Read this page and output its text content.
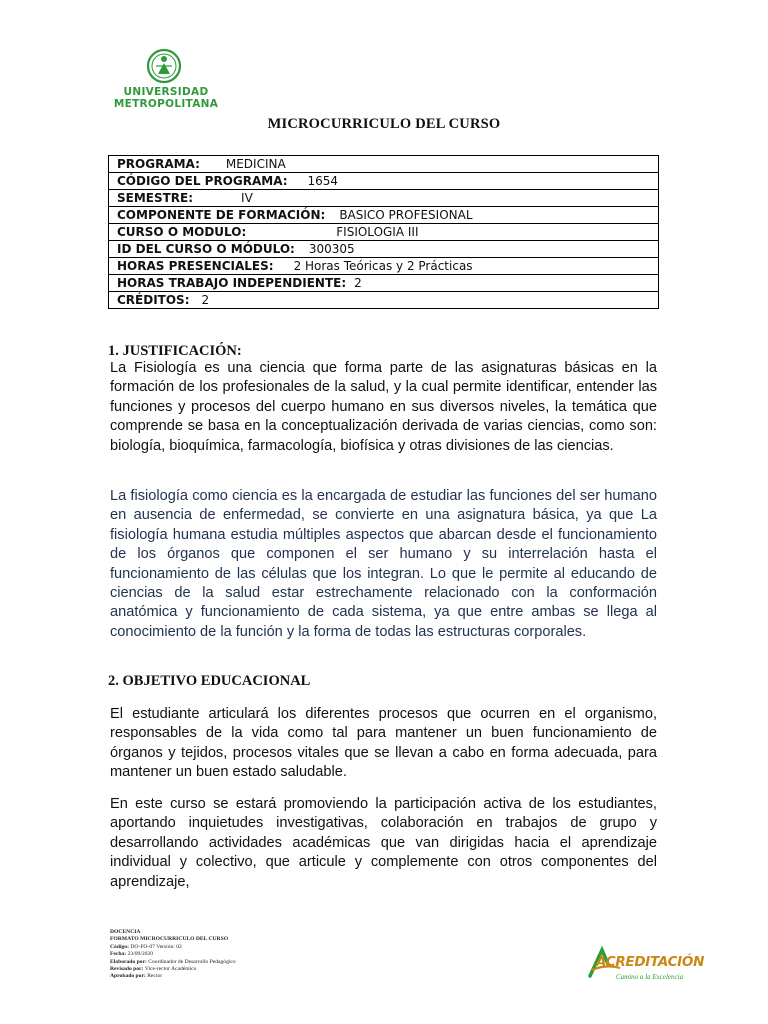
UNIVERSIDAD
METROPOLITANA
MICROCURRICULO DEL CURSO
PROGRAMA: MEDICINA
CÓDIGO DEL PROGRAMA: 1654
SEMESTRE:	IV
COMPONENTE DE FORMACIÓN: BASICO PROFESIONAL
CURSO O MODULO:	FISIOLOGIA III
ID DEL CURSO O MÓDULO: 300305
HORAS PRESENCIALES: 2 Horas Teóricas y 2 Prácticas
HORAS TRABAJO INDEPENDIENTE: 2
CRÉDITOS: 2
1. JUSTIFICACIÓN:

La Fisiología es una ciencia que forma parte de las asignaturas básicas en la formación de los profesionales de la salud, y la cual permite identificar, entender las funciones y procesos del cuerpo humano en sus diversos niveles, la temática que comprende se basa en la conceptualización derivada de varias ciencias, como son: biología, bioquímica, farmacología, biofísica y otras divisiones de las ciencias.

La fisiología como ciencia es la encargada de estudiar las funciones del ser humano en ausencia de enfermedad, se convierte en una asignatura básica, ya que La fisiología humana estudia múltiples aspectos que abarcan desde el funcionamiento de los órganos que componen el ser humano y su interrelación hasta el funcionamiento de las células que los integran. Lo que le permite al educando de ciencias de la salud estar estrechamente relacionado con la conformación anatómica y funcionamiento de cada sistema, ya que entre ambas se llega al conocimiento de la función y la forma de todas las estructuras corporales.

2. OBJETIVO EDUCACIONAL

El estudiante articulará los diferentes procesos que ocurren en el organismo, responsables de la vida como tal para mantener un buen funcionamiento de órganos y tejidos, procesos vitales que se llevan a cabo en forma adecuada, para mantener un buen estado saludable.

En este curso se estará promoviendo la participación activa de los estudiantes, aportando inquietudes investigativas, colaboración en trabajos de grupo y desarrollando actividades académicas que van dirigidas hacia el aprendizaje individual y colectivo, que articule y complemente con otros componentes del aprendizaje,

DOCENCIA
FORMATO MICROCURRICULO DEL CURSO
Código: DO-FO-07 Versión: 02
Fecha: 23/09/2020
Elaborado por: Coordinador de Desarrollo Pedagógico
Revisado por: Vice-rector Académico
Aprobado por: Rector
ACREDITACIÓN
Camino a la Excelencia
